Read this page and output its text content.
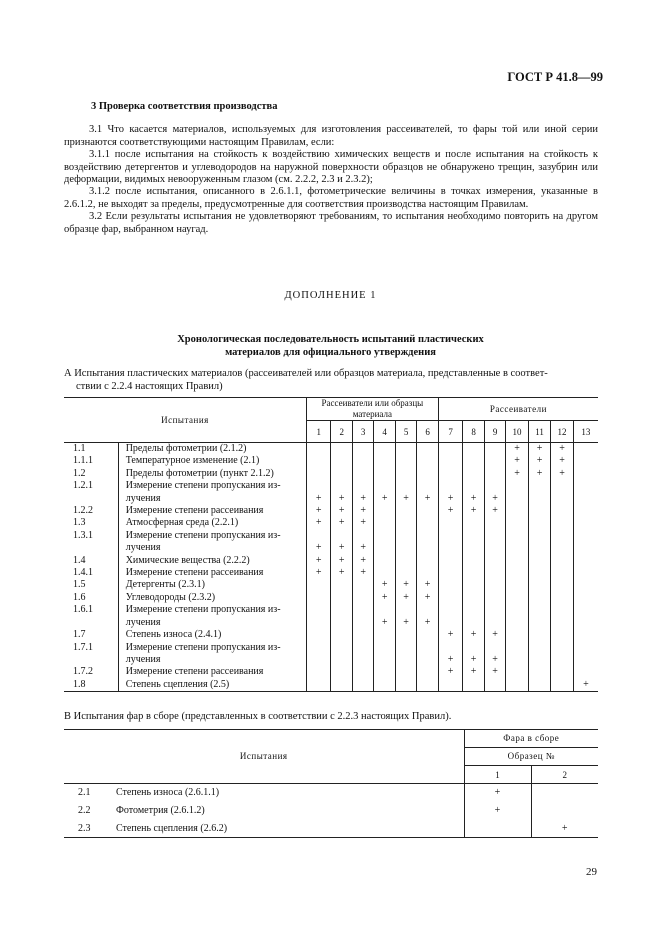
ГОСТ Р 41.8—99
3 Проверка соответствия производства
3.1 Что касается материалов, используемых для изготовления рассеивателей, то фары той или иной серии признаются соответствующими настоящим Правилам, если:
3.1.1 после испытания на стойкость к воздействию химических веществ и после испытания на стойкость к воздействию детергентов и углеводородов на наружной поверхности образцов не обнаружено трещин, зазубрин или деформации, видимых невооруженным глазом (см. 2.2.2, 2.3 и 2.3.2);
3.1.2 после испытания, описанного в 2.6.1.1, фотометрические величины в точках измерения, указанные в 2.6.1.2, не выходят за пределы, предусмотренные для соответствия производства настоящим Правилам.
3.2 Если результаты испытания не удовлетворяют требованиям, то испытания необходимо повторить на другом образце фар, выбранном наугад.
ДОПОЛНЕНИЕ 1
Хронологическая последовательность испытаний пластических
материалов для официального утверждения
А Испытания пластических материалов (рассеивателей или образцов материала, представленные в соответ-
ствии с 2.2.4 настоящих Правил)
Испытания		Рассеиватели или образцы материала						Рассеиватели						
		1	2	3	4	5	6	7	8	9	10	11	12	13
1.1	Пределы фотометрии (2.1.2)										+	+	+	
1.1.1	Температурное изменение (2.1)										+	+	+	
1.2	Пределы фотометрии (пункт 2.1.2)										+	+	+	
1.2.1	Измерение степени пропускания из-													
	лучения	+	+	+	+	+	+	+	+	+				
1.2.2	Измерение степени рассеивания	+	+	+				+	+	+				
1.3	Атмосферная среда (2.2.1)	+	+	+										
1.3.1	Измерение степени пропускания из-													
	лучения	+	+	+										
1.4	Химические вещества (2.2.2)	+	+	+										
1.4.1	Измерение степени рассеивания	+	+	+										
1.5	Детергенты (2.3.1)				+	+	+							
1.6	Углеводороды (2.3.2)				+	+	+							
1.6.1	Измерение степени пропускания из-													
	лучения				+	+	+							
1.7	Степень износа (2.4.1)							+	+	+				
1.7.1	Измерение степени пропускания из-													
	лучения							+	+	+				
1.7.2	Измерение степени рассеивания							+	+	+				
1.8	Степень сцепления (2.5)													+
В Испытания фар в сборе (представленных в соответствии с 2.2.3 настоящих Правил).
Испытания		Фара в сборе	
		Образец №	
		1	2
2.1	Степень износа (2.6.1.1)	+	
2.2	Фотометрия (2.6.1.2)	+	
2.3	Степень сцепления (2.6.2)		+
29
